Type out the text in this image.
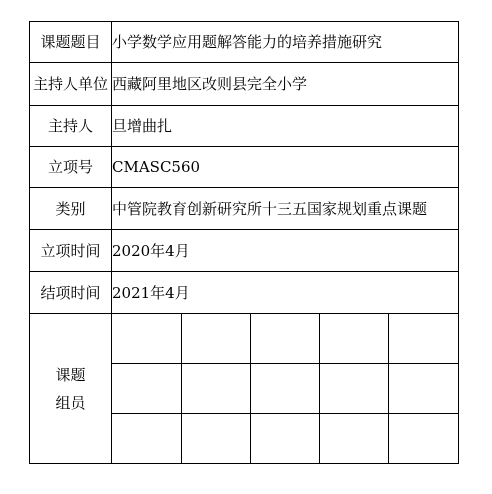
课题题目	小学数学应用题解答能力的培养措施研究
主持人单位	西藏阿里地区改则县完全小学
主持人	旦增曲扎
立项号	CMASC560
类别	中管院教育创新研究所十三五国家规划重点课题
立项时间	2020年4月
结项时间	2021年4月

课题
组员
